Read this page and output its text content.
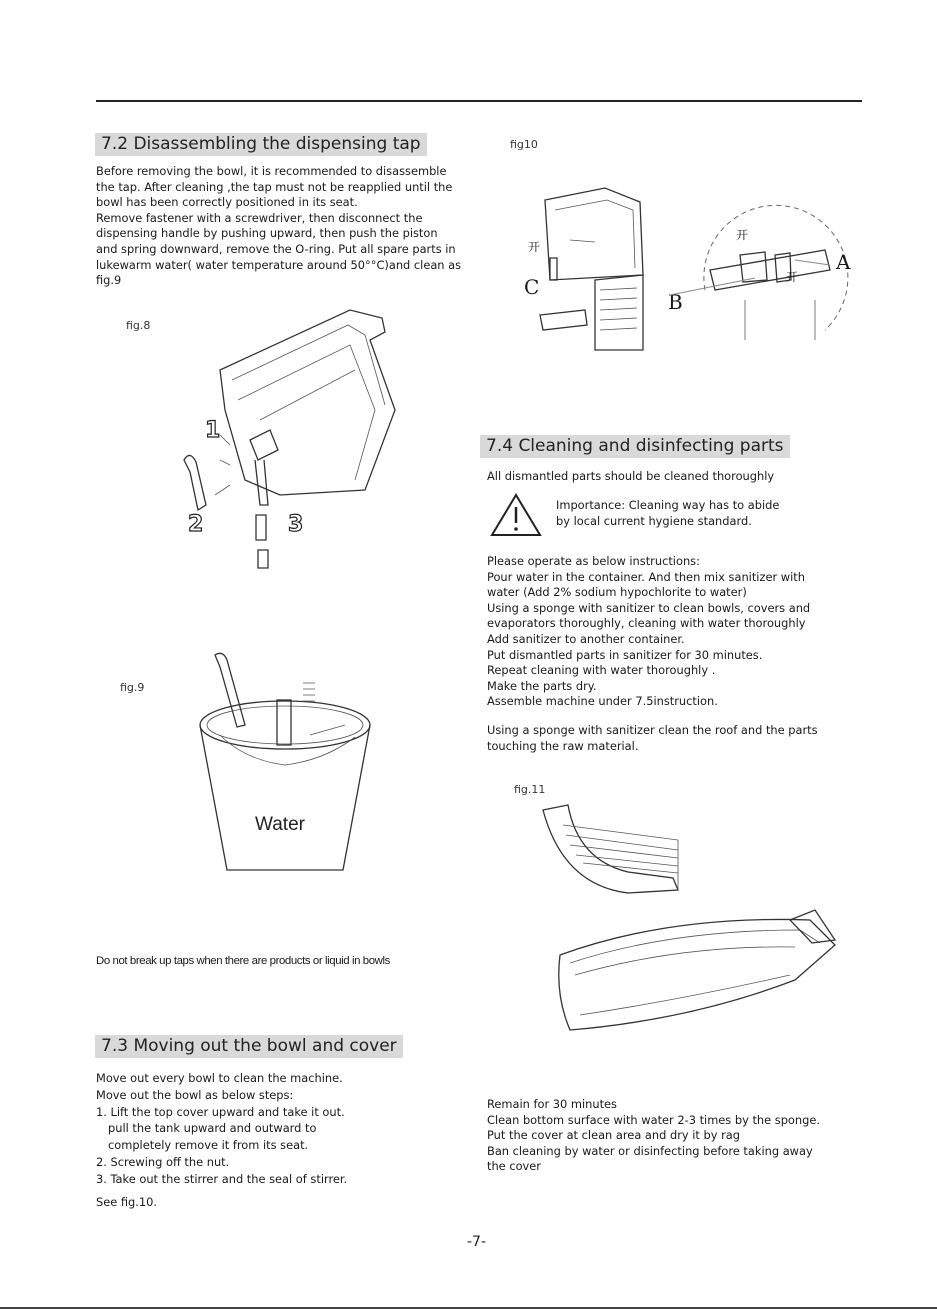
7.2 Disassembling the dispensing tap
Before removing the bowl, it is recommended to disassemble
the tap. After cleaning ,the tap must not be reapplied until the
bowl has been correctly positioned in its seat.
Remove fastener with a screwdriver, then disconnect the
dispensing handle by pushing upward, then push the piston
and spring downward, remove the O-ring. Put all spare parts in
lukewarm water( water temperature around 50°°C)and clean as
fig.9
fig.8
1
2	3
fig.9
Water
Do not break up taps when there are products or liquid in bowls
7.3 Moving out the bowl and cover
Move out every bowl to clean the machine.
Move out the bowl as below steps:
1. Lift the top cover upward and take it out.
pull the tank upward and outward to
completely remove it from its seat.
2. Screwing off the nut.
3. Take out the stirrer and the seal of stirrer.
See fig.10.
fig10
开
C
B
开
开
A
7.4 Cleaning and disinfecting parts
All dismantled parts should be cleaned thoroughly
Importance: Cleaning way has to abide
by local current hygiene standard.
Please operate as below instructions:
Pour water in the container. And then mix sanitizer with
water (Add 2% sodium hypochlorite to water)
Using a sponge with sanitizer to clean bowls, covers and
evaporators thoroughly, cleaning with water thoroughly
Add sanitizer to another container.
Put dismantled parts in sanitizer for 30 minutes.
Repeat cleaning with water thoroughly .
Make the parts dry.
Assemble machine under 7.5instruction.
Using a sponge with sanitizer clean the roof and the parts
touching the raw material.
fig.11
Remain for 30 minutes
Clean bottom surface with water 2-3 times by the sponge.
Put the cover at clean area and dry it by rag
Ban cleaning by water or disinfecting before taking away
the cover
-7-
